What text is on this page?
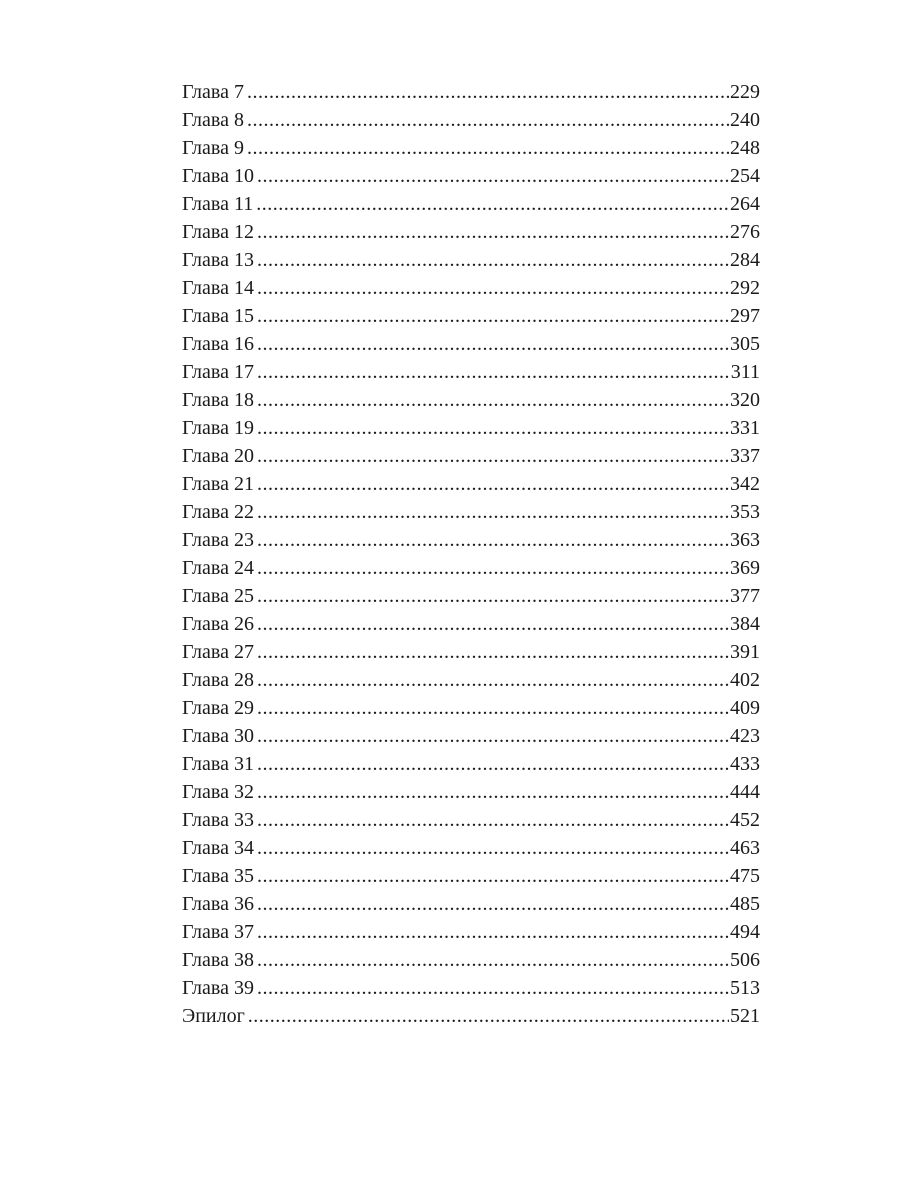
Глава 7 .....	229
Глава 8 .....	240
Глава 9 .....	248
Глава 10 .....	254
Глава 11 .....	264
Глава 12 .....	276
Глава 13 .....	284
Глава 14 .....	292
Глава 15 .....	297
Глава 16 .....	305
Глава 17 .....	311
Глава 18 .....	320
Глава 19 .....	331
Глава 20 .....	337
Глава 21 .....	342
Глава 22 .....	353
Глава 23 .....	363
Глава 24 .....	369
Глава 25 .....	377
Глава 26 .....	384
Глава 27 .....	391
Глава 28 .....	402
Глава 29 .....	409
Глава 30 .....	423
Глава 31 .....	433
Глава 32 .....	444
Глава 33 .....	452
Глава 34 .....	463
Глава 35 .....	475
Глава 36 .....	485
Глава 37 .....	494
Глава 38 .....	506
Глава 39 .....	513
Эпилог .....	521
